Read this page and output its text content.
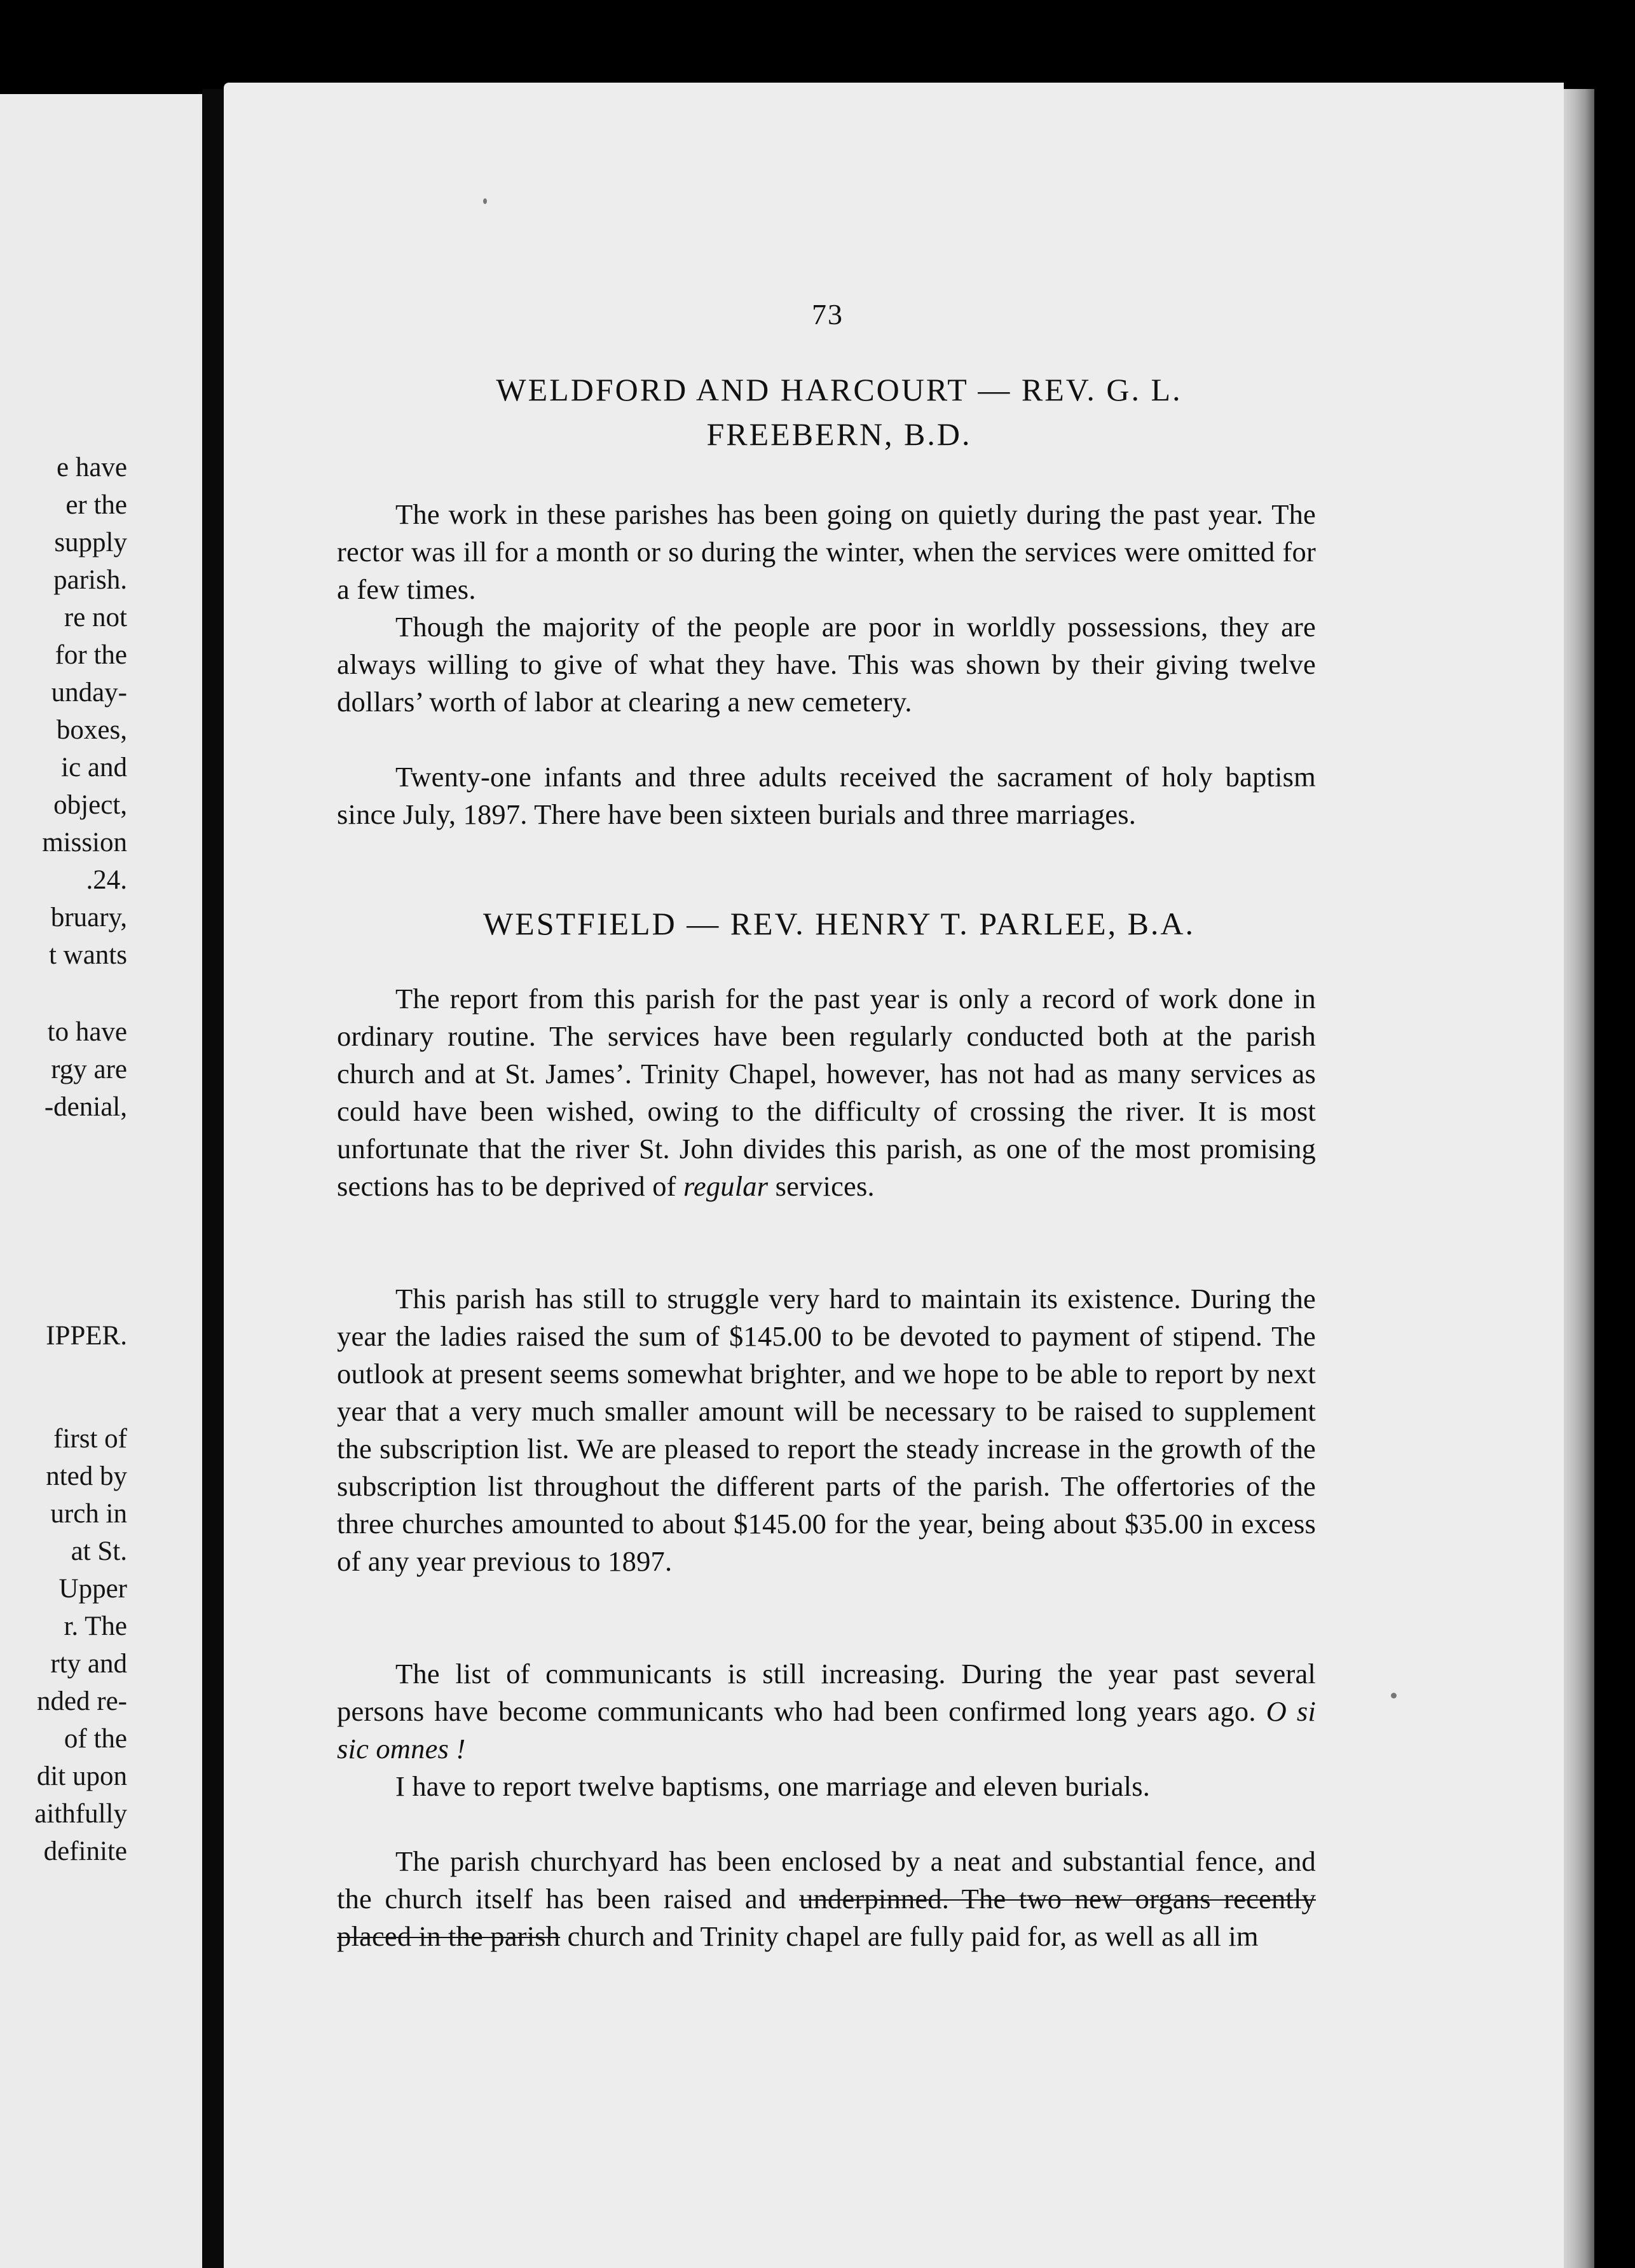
e have
er the
supply
parish.
re not
for the
unday-
boxes,
ic and
object,
mission
.24.
bruary,
t wants
to have
rgy are
-denial,
IPPER.
first of
nted by
urch in
at St.
Upper
r. The
rty and
nded re-
of the
dit upon
aithfully
definite
73
WELDFORD AND HARCOURT — REV. G. L.
FREEBERN, B.D.
The work in these parishes has been going on quietly during the past year. The rector was ill for a month or so during the winter, when the services were omitted for a few times.
Though the majority of the people are poor in worldly possessions, they are always willing to give of what they have. This was shown by their giving twelve dollars’ worth of labor at clearing a new cemetery.
Twenty-one infants and three adults received the sacrament of holy baptism since July, 1897. There have been sixteen burials and three marriages.
WESTFIELD — REV. HENRY T. PARLEE, B.A.
The report from this parish for the past year is only a record of work done in ordinary routine. The services have been regularly conducted both at the parish church and at St. James’. Trinity Chapel, however, has not had as many services as could have been wished, owing to the difficulty of crossing the river. It is most unfortunate that the river St. John divides this parish, as one of the most promising sections has to be deprived of regular services.
This parish has still to struggle very hard to maintain its existence. During the year the ladies raised the sum of $145.00 to be devoted to payment of stipend. The outlook at present seems somewhat brighter, and we hope to be able to report by next year that a very much smaller amount will be necessary to be raised to supplement the subscription list. We are pleased to report the steady increase in the growth of the subscription list throughout the different parts of the parish. The offertories of the three churches amounted to about $145.00 for the year, being about $35.00 in excess of any year previous to 1897.
The list of communicants is still increasing. During the year past several persons have become communicants who had been confirmed long years ago. O si sic omnes !
I have to report twelve baptisms, one marriage and eleven burials.
The parish churchyard has been enclosed by a neat and substantial fence, and the church itself has been raised and underpinned. The two new organs recently placed in the parish church and Trinity chapel are fully paid for, as well as all im
